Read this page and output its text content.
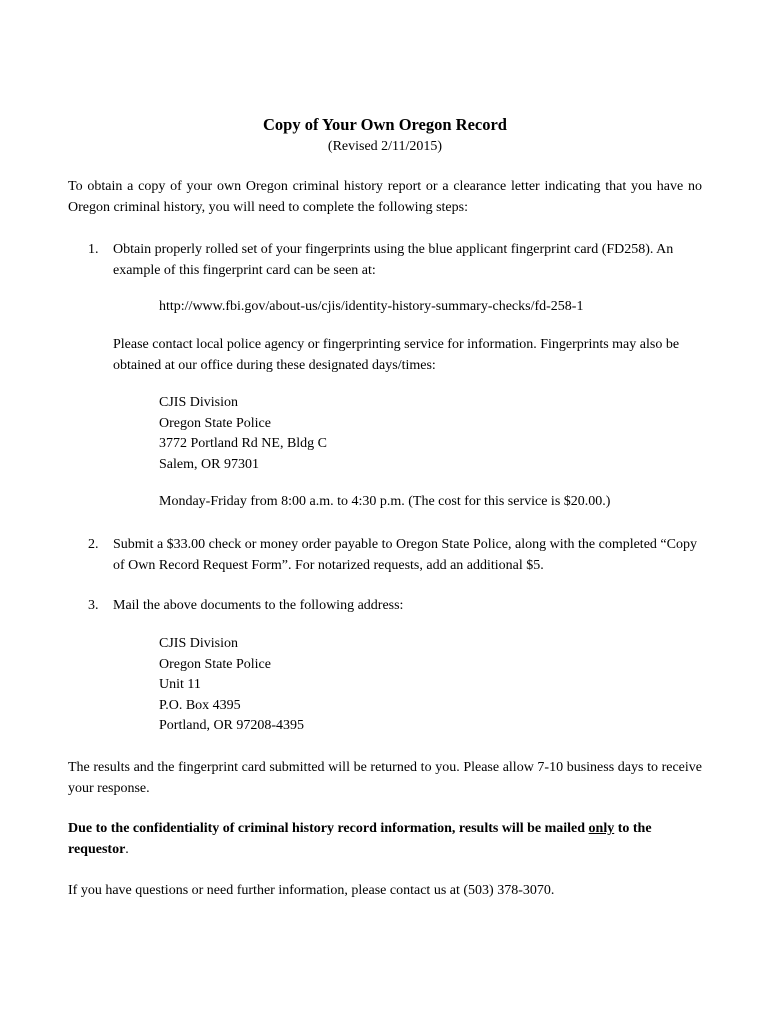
Copy of Your Own Oregon Record
(Revised 2/11/2015)

To obtain a copy of your own Oregon criminal history report or a clearance letter indicating that you have no Oregon criminal history, you will need to complete the following steps:

1. Obtain properly rolled set of your fingerprints using the blue applicant fingerprint card (FD258). An example of this fingerprint card can be seen at:

http://www.fbi.gov/about-us/cjis/identity-history-summary-checks/fd-258-1

Please contact local police agency or fingerprinting service for information. Fingerprints may also be obtained at our office during these designated days/times:

CJIS Division
Oregon State Police
3772 Portland Rd NE, Bldg C
Salem, OR 97301

Monday-Friday from 8:00 a.m. to 4:30 p.m. (The cost for this service is $20.00.)

2. Submit a $33.00 check or money order payable to Oregon State Police, along with the completed “Copy of Own Record Request Form”. For notarized requests, add an additional $5.

3. Mail the above documents to the following address:

CJIS Division
Oregon State Police
Unit 11
P.O. Box 4395
Portland, OR 97208-4395

The results and the fingerprint card submitted will be returned to you. Please allow 7-10 business days to receive your response.

Due to the confidentiality of criminal history record information, results will be mailed only to the requestor.

If you have questions or need further information, please contact us at (503) 378-3070.
